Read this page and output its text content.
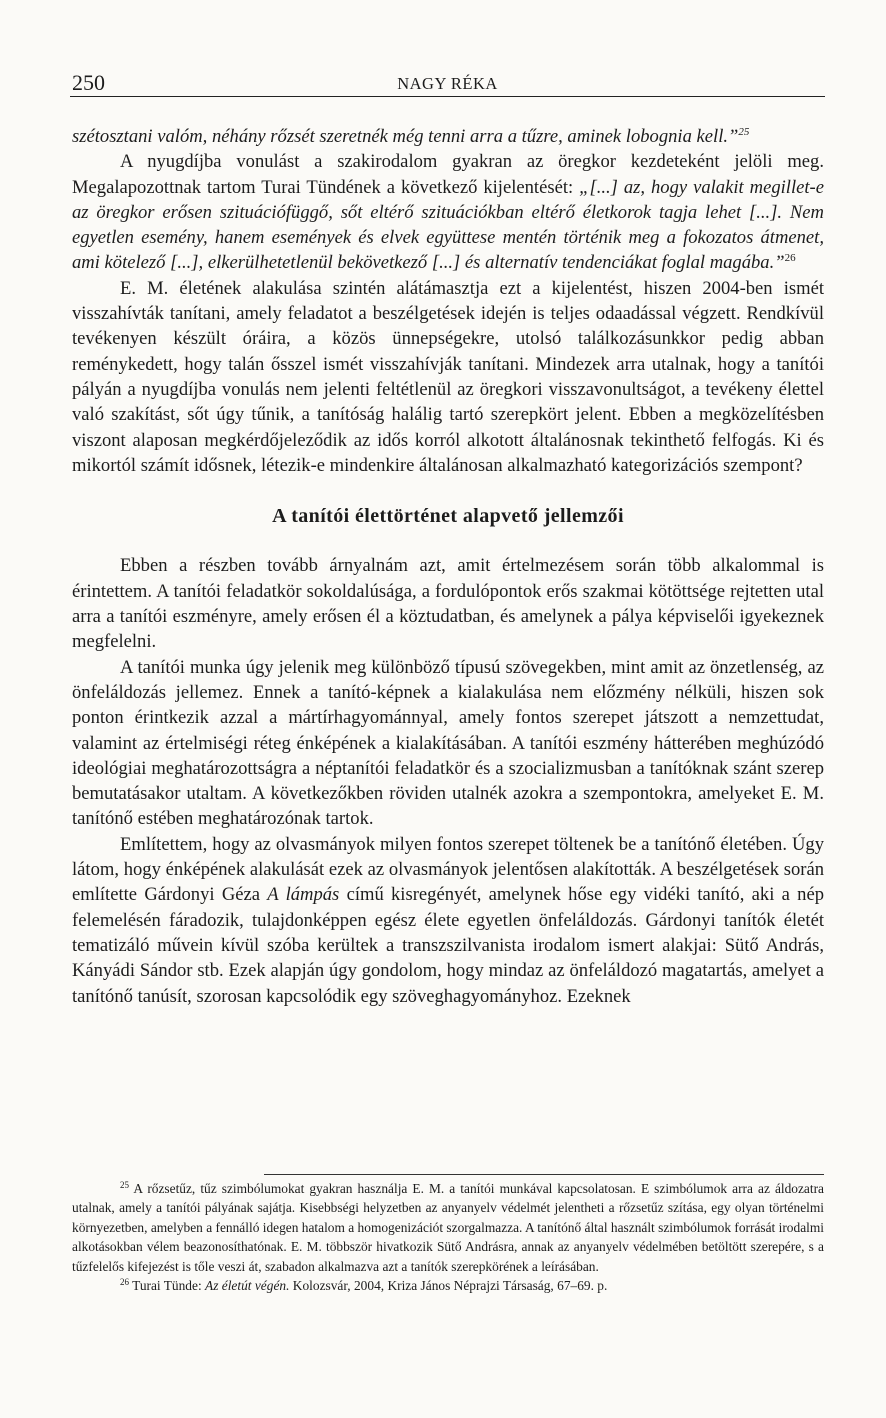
250	NAGY RÉKA

szétosztani valóm, néhány rőzsét szeretnék még tenni arra a tűzre, aminek lobognia kell.”$^{25}$

A nyugdíjba vonulást a szakirodalom gyakran az öregkor kezdeteként jelöli meg. Megalapozottnak tartom Turai Tündének a következő kijelentését: „[...] az, hogy valakit megillet-e az öregkor erősen szituációfüggő, sőt eltérő szituációkban eltérő életkorok tagja lehet [...]. Nem egyetlen esemény, hanem események és elvek együttese mentén történik meg a fokozatos átmenet, ami kötelező [...], elkerülhetetlenül bekövetkező [...] és alternatív tendenciákat foglal magába.”$^{26}$

E. M. életének alakulása szintén alátámasztja ezt a kijelentést, hiszen 2004-ben ismét visszahívták tanítani, amely feladatot a beszélgetések idején is teljes odaadással végzett. Rendkívül tevékenyen készült óráira, a közös ünnepségekre, utolsó találkozásunkkor pedig abban reménykedett, hogy talán ősszel ismét visszahívják tanítani. Mindezek arra utalnak, hogy a tanítói pályán a nyugdíjba vonulás nem jelenti feltétlenül az öregkori visszavonultságot, a tevékeny élettel való szakítást, sőt úgy tűnik, a tanítóság halálig tartó szerepkört jelent. Ebben a megközelítésben viszont alaposan megkérdőjeleződik az idős korról alkotott általánosnak tekinthető felfogás. Ki és mikortól számít idősnek, létezik-e mindenkire általánosan alkalmazható kategorizációs szempont?

A tanítói élettörténet alapvető jellemzői

Ebben a részben tovább árnyalnám azt, amit értelmezésem során több alkalommal is érintettem. A tanítói feladatkör sokoldalúsága, a fordulópontok erős szakmai kötöttsége rejtetten utal arra a tanítói eszményre, amely erősen él a köztudatban, és amelynek a pálya képviselői igyekeznek megfelelni.

A tanítói munka úgy jelenik meg különböző típusú szövegekben, mint amit az önzetlenség, az önfeláldozás jellemez. Ennek a tanító-képnek a kialakulása nem előzmény nélküli, hiszen sok ponton érintkezik azzal a mártírhagyománnyal, amely fontos szerepet játszott a nemzettudat, valamint az értelmiségi réteg énképének a kialakításában. A tanítói eszmény hátterében meghúzódó ideológiai meghatározottságra a néptanítói feladatkör és a szocializmusban a tanítóknak szánt szerep bemutatásakor utaltam. A következőkben röviden utalnék azokra a szempontokra, amelyeket E. M. tanítónő estében meghatározónak tartok.

Említettem, hogy az olvasmányok milyen fontos szerepet töltenek be a tanítónő életében. Úgy látom, hogy énképének alakulását ezek az olvasmányok jelentősen alakították. A beszélgetések során említette Gárdonyi Géza A lámpás című kisregényét, amelynek hőse egy vidéki tanító, aki a nép felemelésén fáradozik, tulajdonképpen egész élete egyetlen önfeláldozás. Gárdonyi tanítók életét tematizáló művein kívül szóba kerültek a transzszilvanista irodalom ismert alakjai: Sütő András, Kányádi Sándor stb. Ezek alapján úgy gondolom, hogy mindaz az önfeláldozó magatartás, amelyet a tanítónő tanúsít, szorosan kapcsolódik egy szöveghagyományhoz. Ezeknek

$^{25}$ A rőzsetűz, tűz szimbólumokat gyakran használja E. M. a tanítói munkával kapcsolatosan. E szimbólumok arra az áldozatra utalnak, amely a tanítói pályának sajátja. Kisebbségi helyzetben az anyanyelv védelmét jelentheti a rőzsetűz szítása, egy olyan történelmi környezetben, amelyben a fennálló idegen hatalom a homogenizációt szorgalmazza. A tanítónő által használt szimbólumok forrását irodalmi alkotásokban vélem beazonosíthatónak. E. M. többször hivatkozik Sütő Andrásra, annak az anyanyelv védelmében betöltött szerepére, s a tűzfelelős kifejezést is tőle veszi át, szabadon alkalmazva azt a tanítók szerepkörének a leírásában.

$^{26}$ Turai Tünde: Az életút végén. Kolozsvár, 2004, Kriza János Néprajzi Társaság, 67–69. p.
